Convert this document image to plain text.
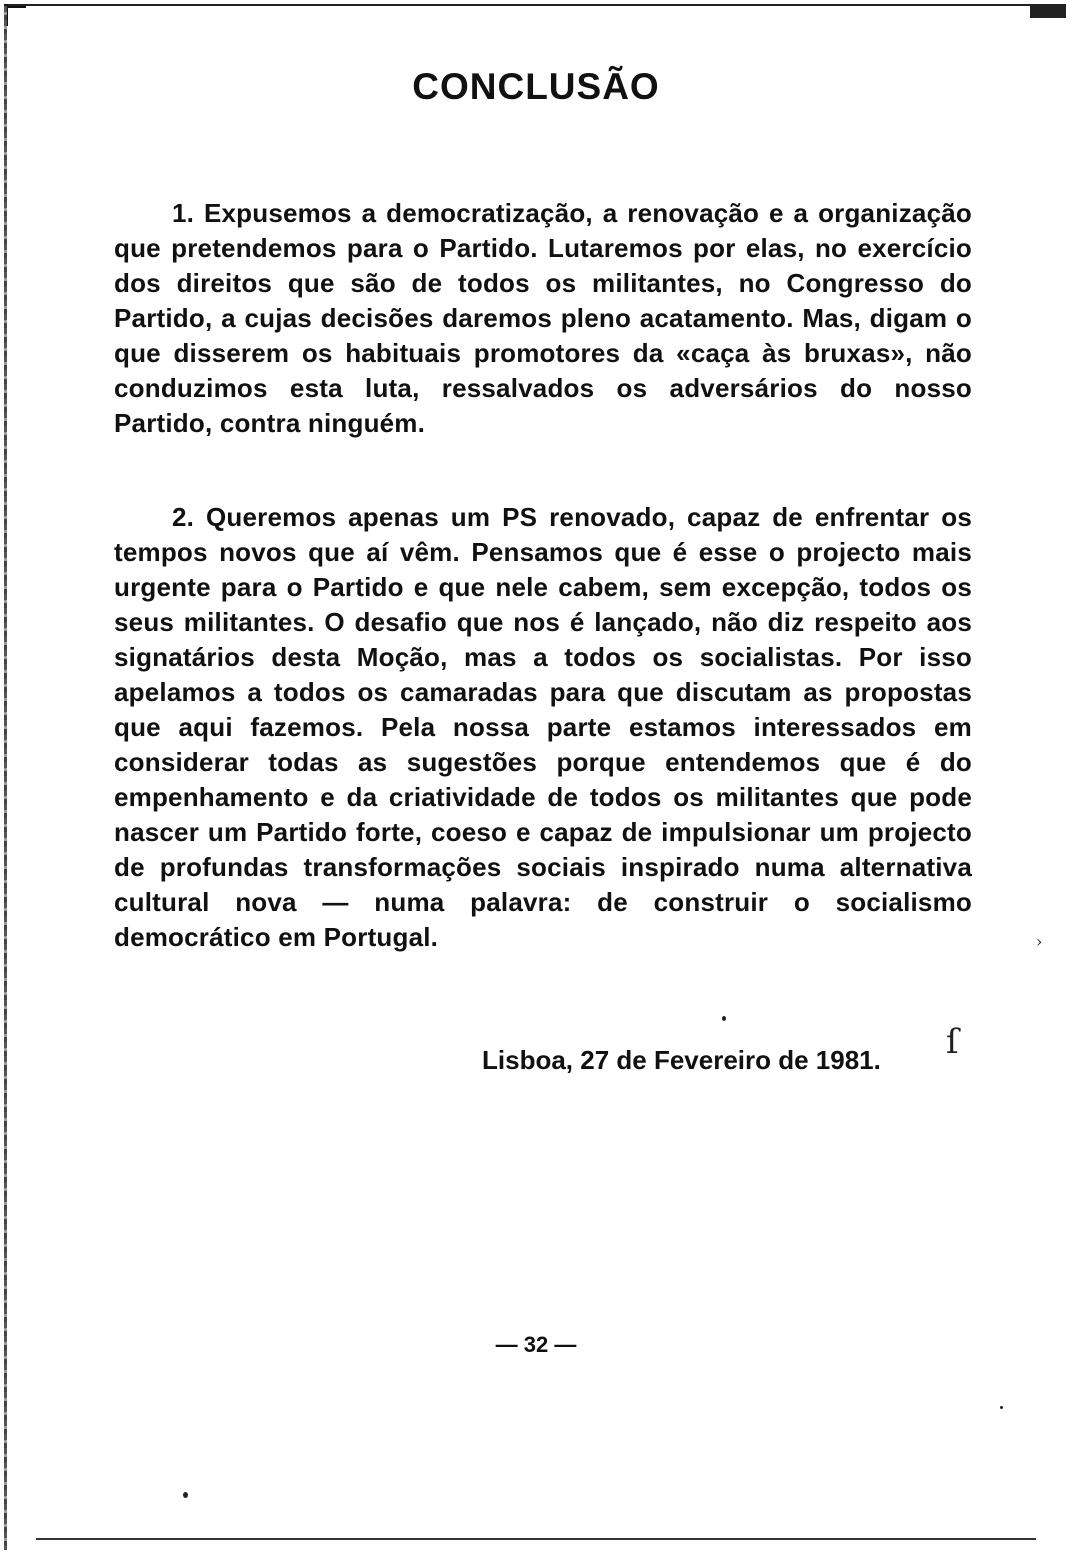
CONCLUSÃO

1. Expusemos a democratização, a renovação e a organização que pretendemos para o Partido. Lutaremos por elas, no exercício dos direitos que são de todos os militantes, no Congresso do Partido, a cujas decisões daremos pleno acatamento. Mas, digam o que disserem os habituais promotores da «caça às bruxas», não conduzimos esta luta, ressalvados os adversários do nosso Partido, contra ninguém.

2. Queremos apenas um PS renovado, capaz de enfrentar os tempos novos que aí vêm. Pensamos que é esse o projecto mais urgente para o Partido e que nele cabem, sem excepção, todos os seus militantes. O desafio que nos é lançado, não diz respeito aos signatários desta Moção, mas a todos os socialistas. Por isso apelamos a todos os camaradas para que discutam as propostas que aqui fazemos. Pela nossa parte estamos interessados em considerar todas as sugestões porque entendemos que é do empenhamento e da criatividade de todos os militantes que pode nascer um Partido forte, coeso e capaz de impulsionar um projecto de profundas transformações sociais inspirado numa alternativa cultural nova — numa palavra: de construir o socialismo democrático em Portugal.

Lisboa, 27 de Fevereiro de 1981.
— 32 —
›
ſ
